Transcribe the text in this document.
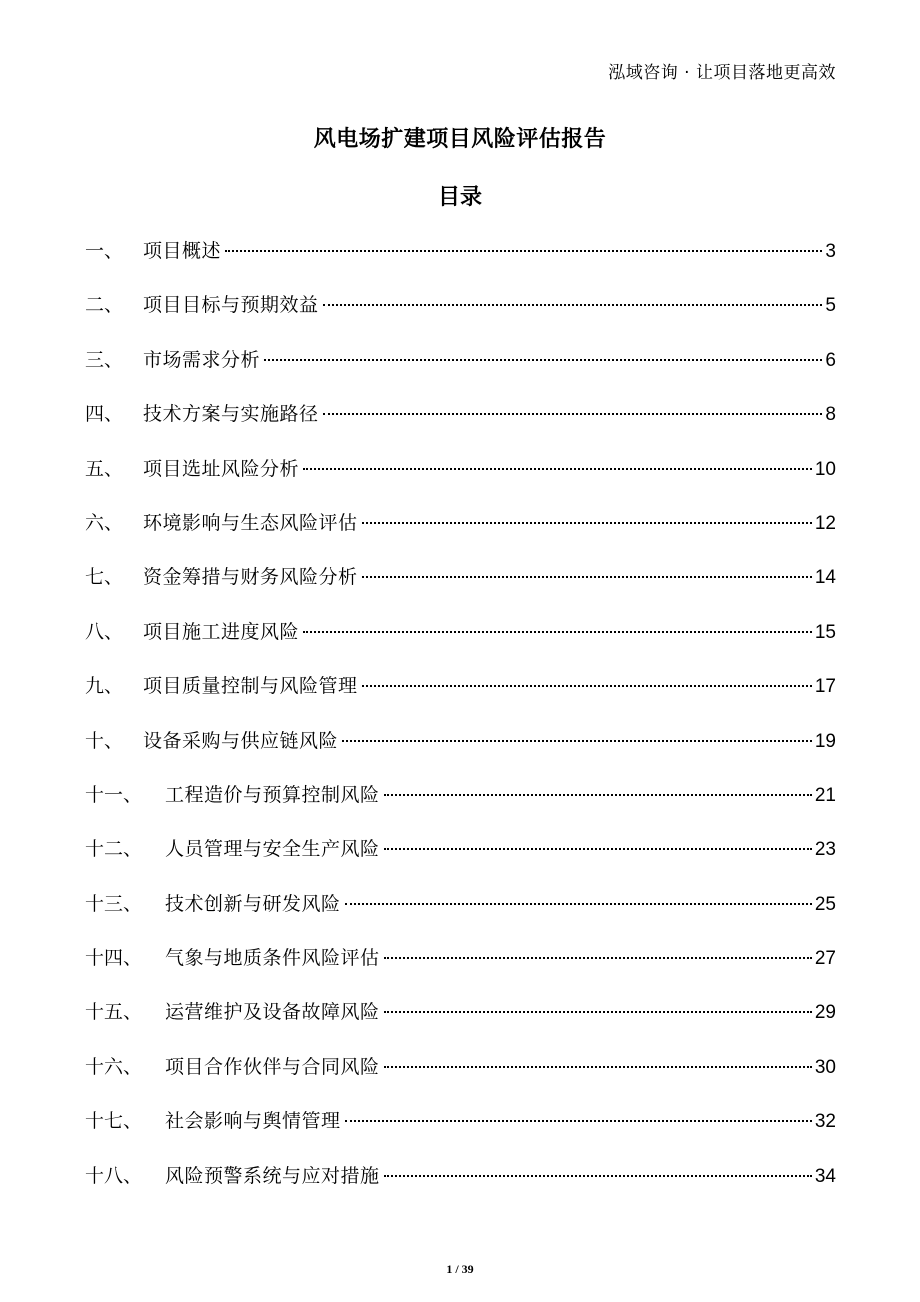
泓域咨询 · 让项目落地更高效
风电场扩建项目风险评估报告
目录
一、	项目概述	3
二、	项目目标与预期效益	5
三、	市场需求分析	6
四、	技术方案与实施路径	8
五、	项目选址风险分析	10
六、	环境影响与生态风险评估	12
七、	资金筹措与财务风险分析	14
八、	项目施工进度风险	15
九、	项目质量控制与风险管理	17
十、	设备采购与供应链风险	19
十一、	工程造价与预算控制风险	21
十二、	人员管理与安全生产风险	23
十三、	技术创新与研发风险	25
十四、	气象与地质条件风险评估	27
十五、	运营维护及设备故障风险	29
十六、	项目合作伙伴与合同风险	30
十七、	社会影响与舆情管理	32
十八、	风险预警系统与应对措施	34
1 / 39
